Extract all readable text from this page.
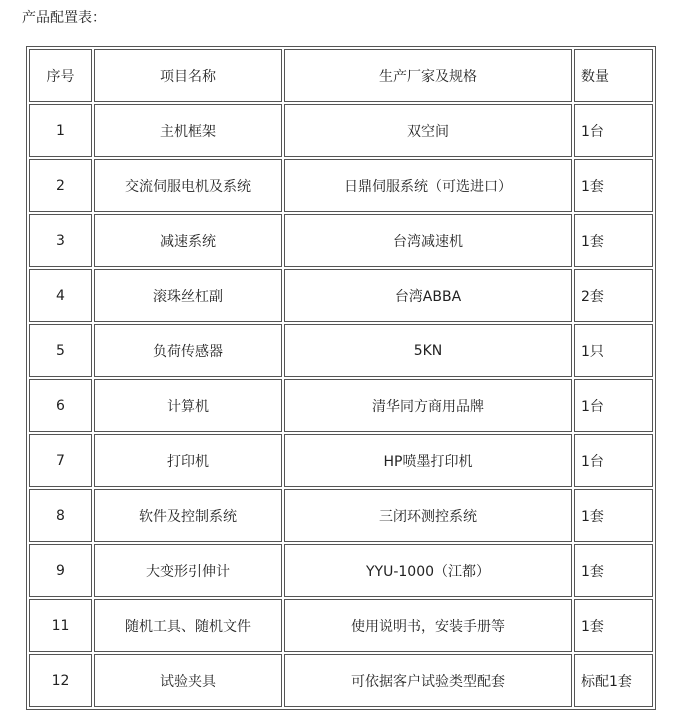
产品配置表：
序号	项目名称	生产厂家及规格	数量
1	主机框架	双空间	1台
2	交流伺服电机及系统	日鼎伺服系统（可选进口）	1套
3	减速系统	台湾减速机	1套
4	滚珠丝杠副	台湾ABBA	2套
5	负荷传感器	5KN	1只
6	计算机	清华同方商用品牌	1台
7	打印机	HP喷墨打印机	1台
8	软件及控制系统	三闭环测控系统	1套
9	大变形引伸计	YYU-1000（江都）	1套
11	随机工具、随机文件	使用说明书，安装手册等	1套
12	试验夹具	可依据客户试验类型配套	标配1套
